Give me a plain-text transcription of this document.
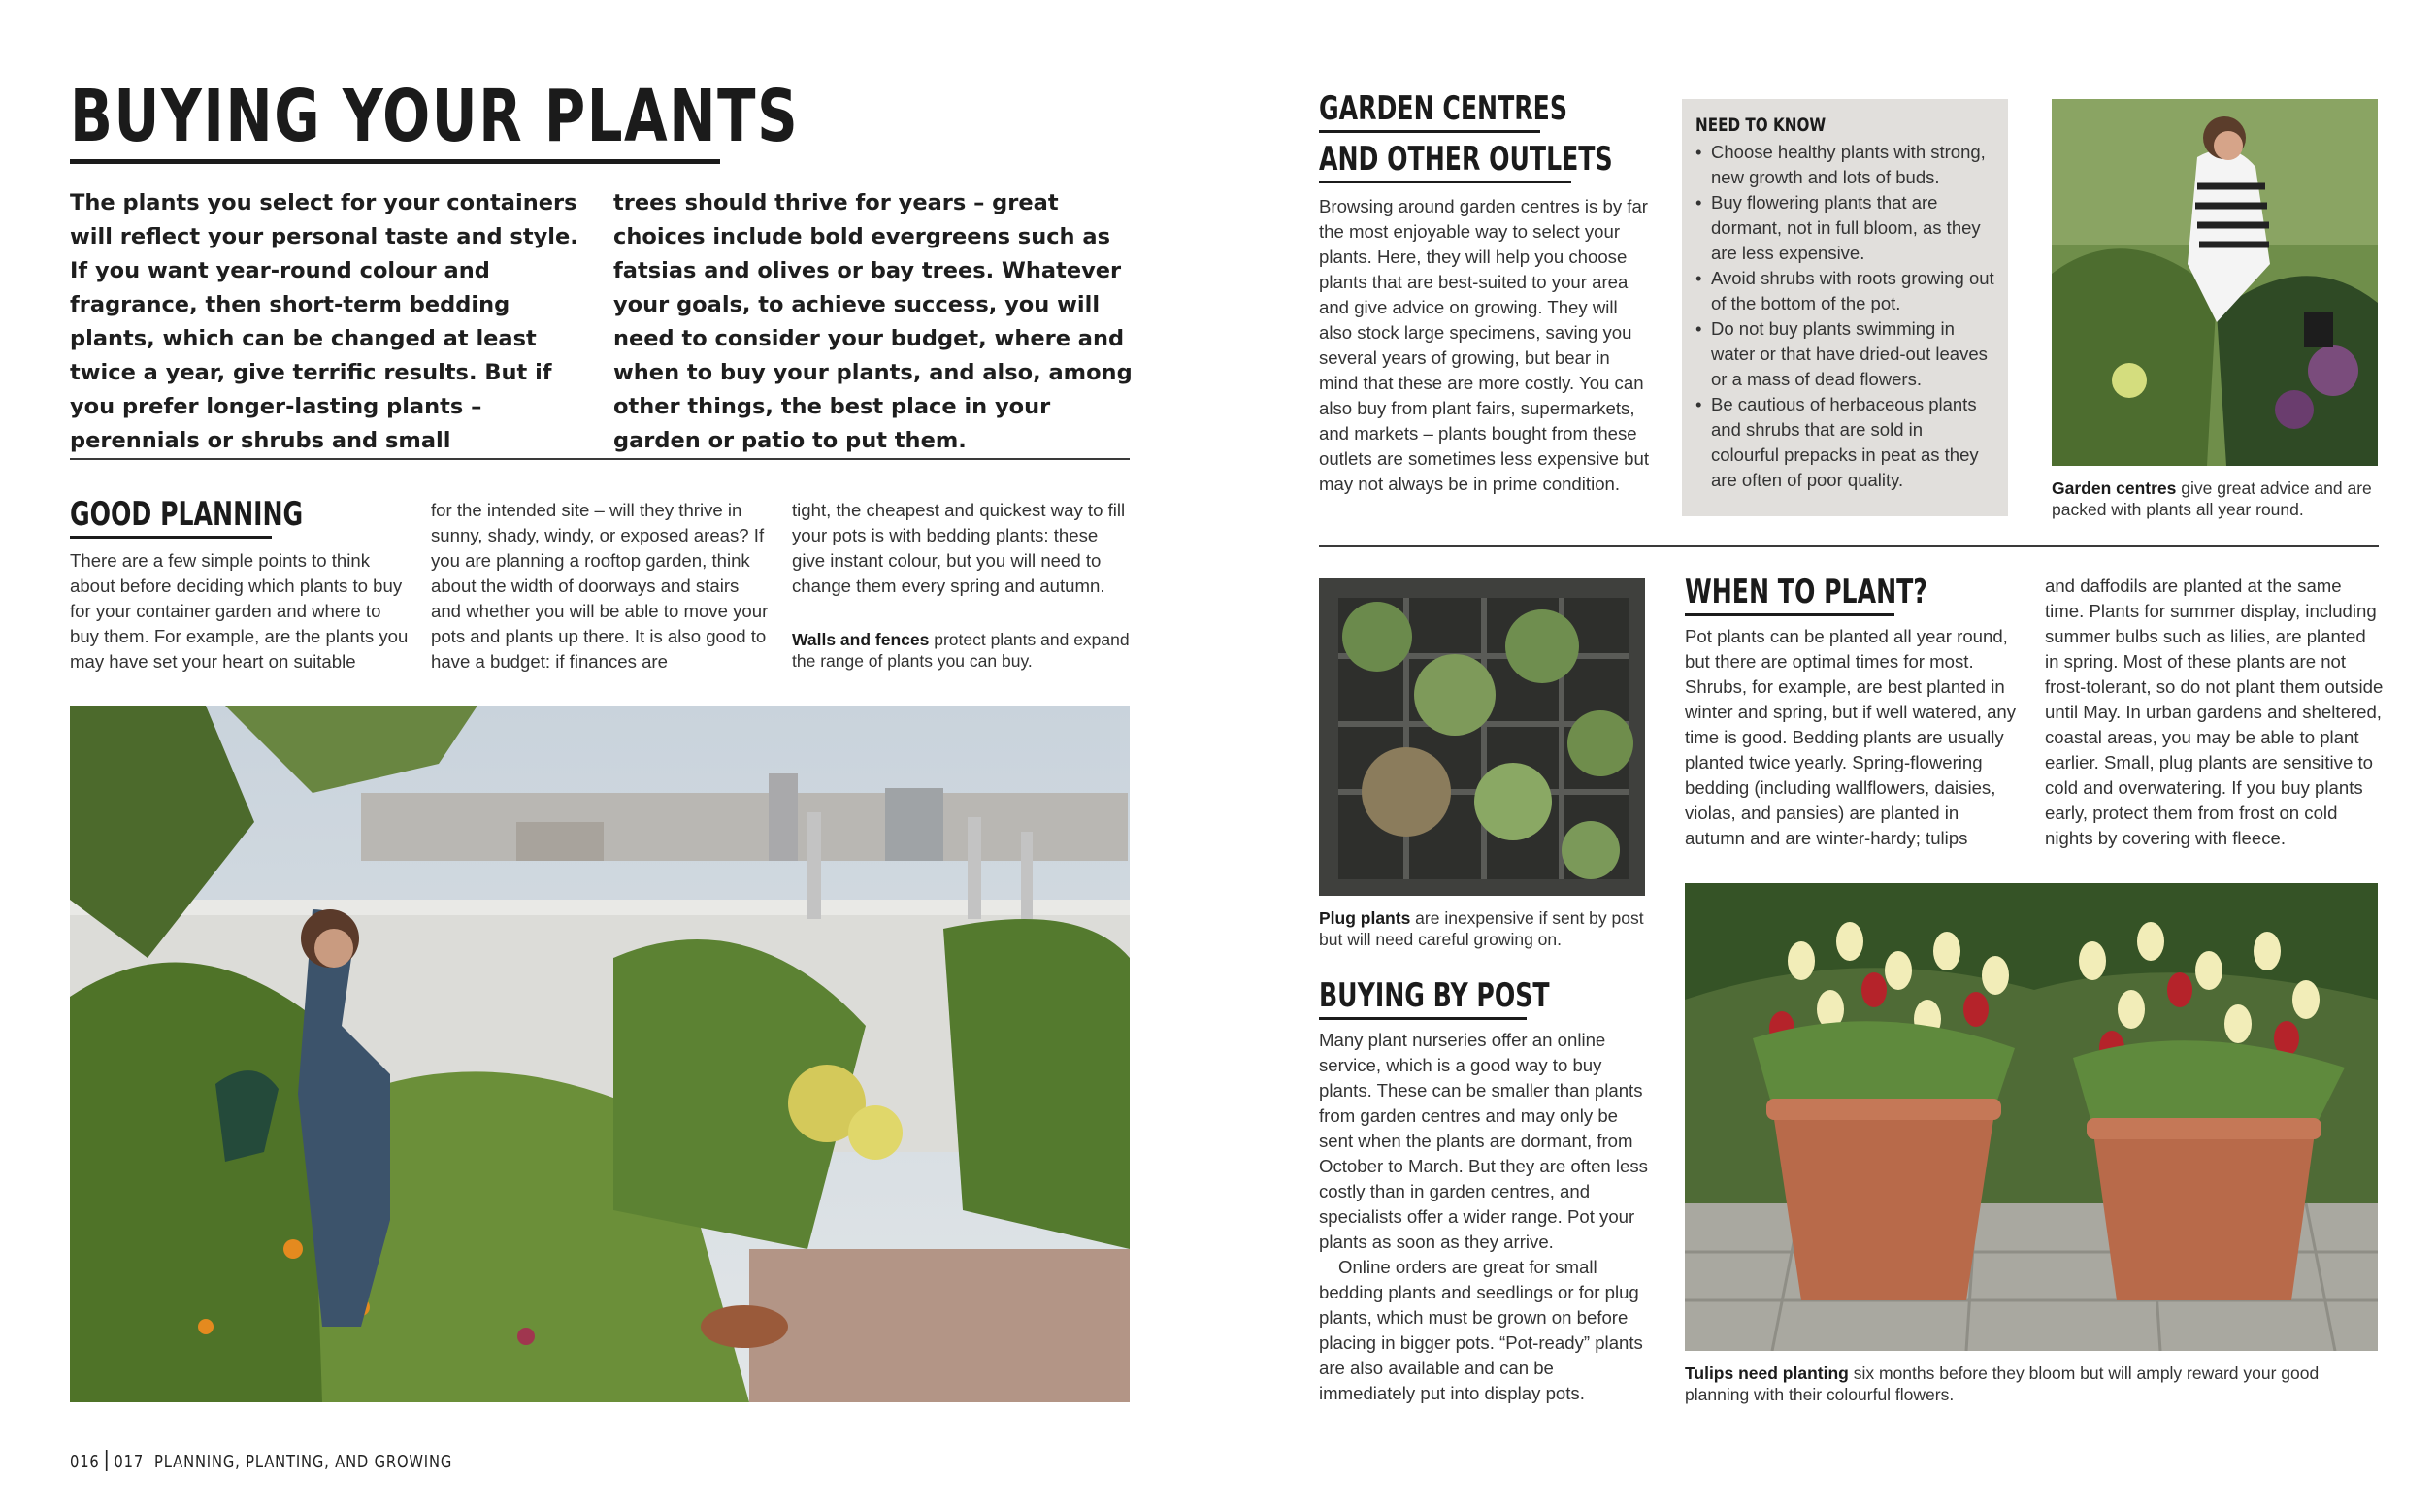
BUYING YOUR PLANTS
The plants you select for your containers will reflect your personal taste and style. If you want year-round colour and fragrance, then short-term bedding plants, which can be changed at least twice a year, give terrific results. But if you prefer longer-lasting plants – perennials or shrubs and small
trees should thrive for years – great choices include bold evergreens such as fatsias and olives or bay trees. Whatever your goals, to achieve success, you will need to consider your budget, where and when to buy your plants, and also, among other things, the best place in your garden or patio to put them.
GOOD PLANNING
There are a few simple points to think about before deciding which plants to buy for your container garden and where to buy them. For example, are the plants you may have set your heart on suitable
for the intended site – will they thrive in sunny, shady, windy, or exposed areas? If you are planning a rooftop garden, think about the width of doorways and stairs and whether you will be able to move your pots and plants up there. It is also good to have a budget: if finances are
tight, the cheapest and quickest way to fill your pots is with bedding plants: these give instant colour, but you will need to change them every spring and autumn.
Walls and fences protect plants and expand the range of plants you can buy.
016 017 PLANNING, PLANTING, AND GROWING
GARDEN CENTRES
AND OTHER OUTLETS
Browsing around garden centres is by far the most enjoyable way to select your plants. Here, they will help you choose plants that are best-suited to your area and give advice on growing. They will also stock large specimens, saving you several years of growing, but bear in mind that these are more costly. You can also buy from plant fairs, supermarkets, and markets – plants bought from these outlets are sometimes less expensive but may not always be in prime condition.
NEED TO KNOW
• Choose healthy plants with strong, new growth and lots of buds.
• Buy flowering plants that are dormant, not in full bloom, as they are less expensive.
• Avoid shrubs with roots growing out of the bottom of the pot.
• Do not buy plants swimming in water or that have dried-out leaves or a mass of dead flowers.
• Be cautious of herbaceous plants and shrubs that are sold in colourful prepacks in peat as they are often of poor quality.	Garden centres give great advice and are packed with plants all year round.
Plug plants are inexpensive if sent by post but will need careful growing on.
BUYING BY POST

Many plant nurseries offer an online service, which is a good way to buy plants. These can be smaller than plants from garden centres and may only be sent when the plants are dormant, from October to March. But they are often less costly than in garden centres, and specialists offer a wider range. Pot your plants as soon as they arrive.

Online orders are great for small bedding plants and seedlings or for plug plants, which must be grown on before placing in bigger pots. “Pot-ready” plants are also available and can be immediately put into display pots.

WHEN TO PLANT?
Pot plants can be planted all year round, but there are optimal times for most. Shrubs, for example, are best planted in winter and spring, but if well watered, any time is good. Bedding plants are usually planted twice yearly. Spring-flowering bedding (including wallflowers, daisies, violas, and pansies) are planted in autumn and are winter-hardy; tulips
and daffodils are planted at the same time. Plants for summer display, including summer bulbs such as lilies, are planted in spring. Most of these plants are not frost-tolerant, so do not plant them outside until May. In urban gardens and sheltered, coastal areas, you may be able to plant earlier. Small, plug plants are sensitive to cold and overwatering. If you buy plants early, protect them from frost on cold nights by covering with fleece.
Tulips need planting six months before they bloom but will amply reward your good planning with their colourful flowers.
